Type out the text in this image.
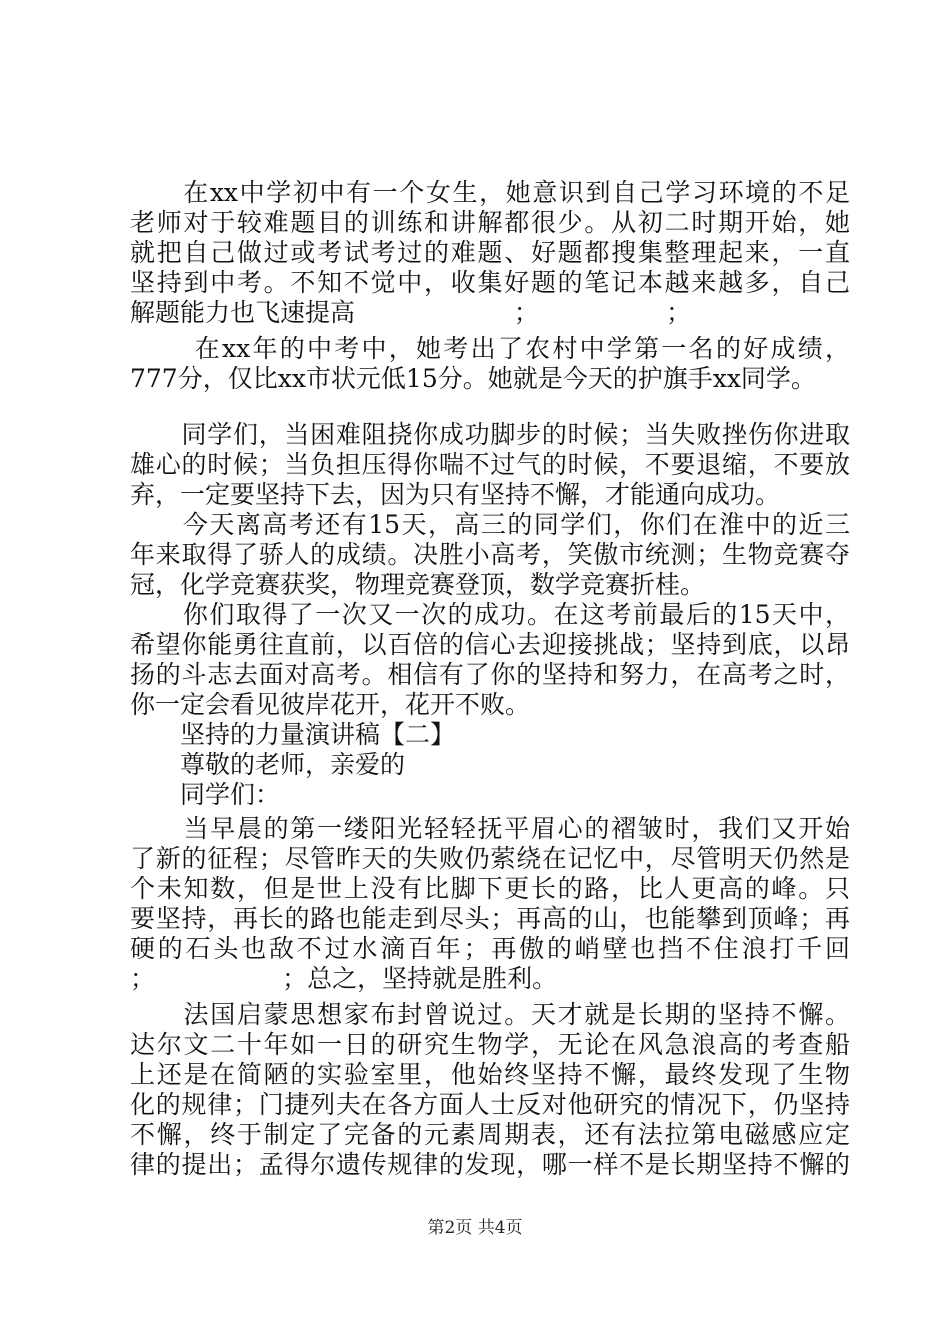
律的提出；孟得尔遗传规律的发现，哪一样不是长期坚持不懈的
不懈，终于制定了完备的元素周期表，还有法拉第电磁感应定
化的规律；门捷列夫在各方面人士反对他研究的情况下，仍坚持
上还是在简陋的实验室里，他始终坚持不懈，最终发现了生物
达尔文二十年如一日的研究生物学，无论在风急浪高的考查船
　　法国启蒙思想家布封曾说过。天才就是长期的坚持不懈。
；                ；总之，坚持就是胜利。
硬的石头也敌不过水滴百年；再傲的峭壁也挡不住浪打千回
要坚持，再长的路也能走到尽头；再高的山，也能攀到顶峰；再
个未知数，但是世上没有比脚下更长的路，比人更高的峰。只
了新的征程；尽管昨天的失败仍萦绕在记忆中，尽管明天仍然是
　　当早晨的第一缕阳光轻轻抚平眉心的褶皱时，我们又开始
　　同学们：
　　尊敬的老师，亲爱的
　　坚持的力量演讲稿【二】
你一定会看见彼岸花开，花开不败。
扬的斗志去面对高考。相信有了你的坚持和努力，在高考之时，
希望你能勇往直前，以百倍的信心去迎接挑战；坚持到底，以昂
　　你们取得了一次又一次的成功。在这考前最后的15天中，
冠，化学竞赛获奖，物理竞赛登顶，数学竞赛折桂。
年来取得了骄人的成绩。决胜小高考，笑傲市统测；生物竞赛夺
　　今天离高考还有15天，高三的同学们，你们在淮中的近三
弃，一定要坚持下去，因为只有坚持不懈，才能通向成功。
雄心的时候；当负担压得你喘不过气的时候，不要退缩，不要放
　　同学们，当困难阻挠你成功脚步的时候；当失败挫伤你进取
777分，仅比xx市状元低15分。她就是今天的护旗手xx同学。
　　 在xx年的中考中，她考出了农村中学第一名的好成绩，
解题能力也飞速提高                    ；                ；
坚持到中考。不知不觉中，收集好题的笔记本越来越多，自己
就把自己做过或考试考过的难题、好题都搜集整理起来，一直
老师对于较难题目的训练和讲解都很少。从初二时期开始，她
　　在xx中学初中有一个女生，她意识到自己学习环境的不足
第2页 共4页
